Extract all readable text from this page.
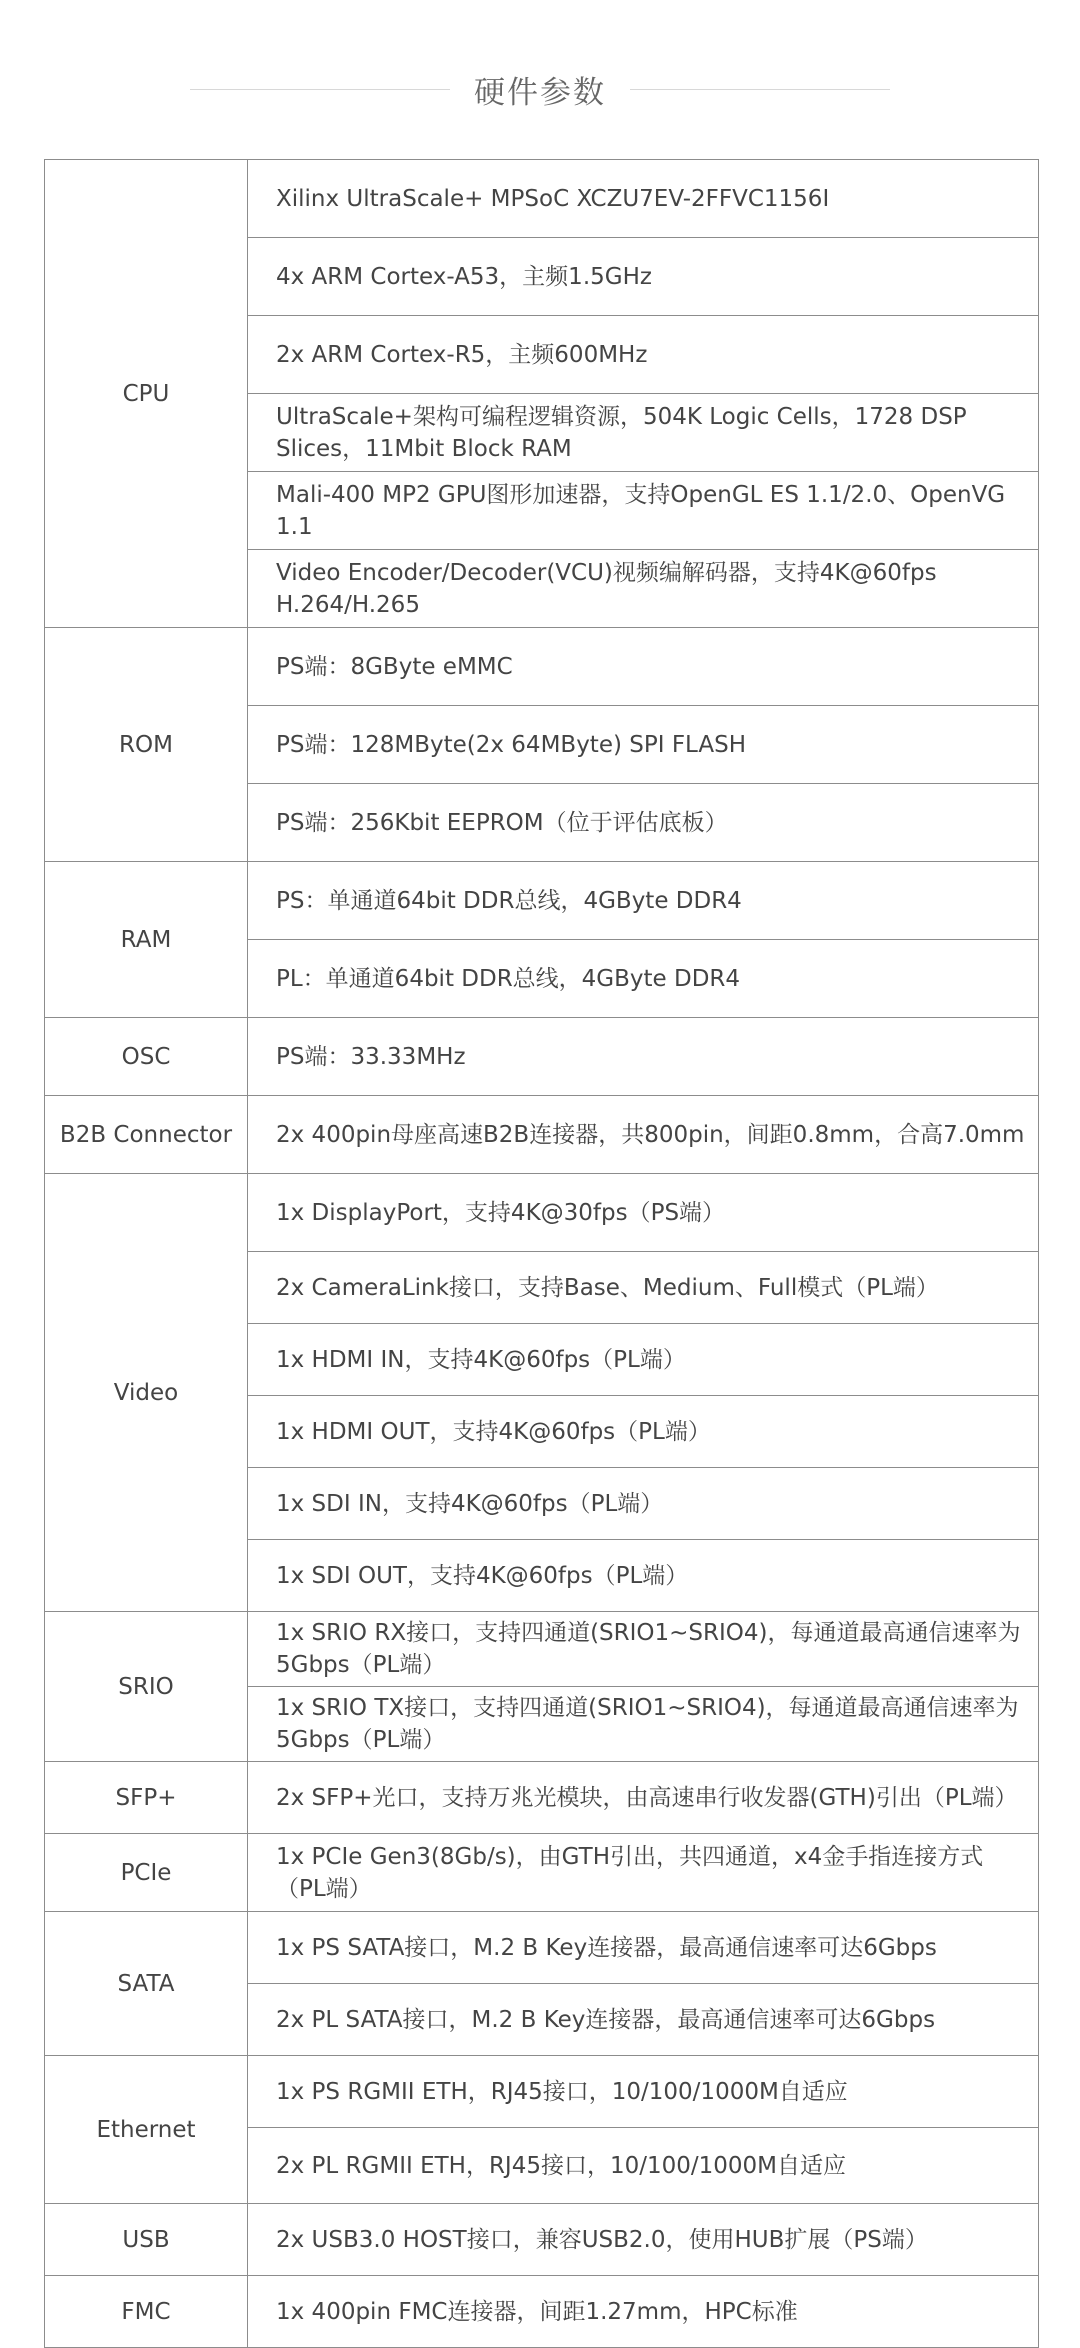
硬件参数
CPU	Xilinx UltraScale+ MPSoC XCZU7EV-2FFVC1156I

	4x ARM Cortex-A53，主频1.5GHz

	2x ARM Cortex-R5，主频600MHz

	UltraScale+架构可编程逻辑资源，504K Logic Cells，1728 DSP Slices，11Mbit Block RAM

	Mali-400 MP2 GPU图形加速器，支持OpenGL ES 1.1/2.0、OpenVG 1.1

	Video Encoder/Decoder(VCU)视频编解码器，支持4K@60fps H.264/H.265

ROM	PS端：8GByte eMMC

	PS端：128MByte(2x 64MByte) SPI FLASH

	PS端：256Kbit EEPROM（位于评估底板）

RAM	PS：单通道64bit DDR总线，4GByte DDR4

	PL：单通道64bit DDR总线，4GByte DDR4

OSC	PS端：33.33MHz

B2B Connector	2x 400pin母座高速B2B连接器，共800pin，间距0.8mm，合高7.0mm

Video	1x DisplayPort，支持4K@30fps（PS端）

	2x CameraLink接口，支持Base、Medium、Full模式（PL端）

	1x HDMI IN，支持4K@60fps（PL端）

	1x HDMI OUT，支持4K@60fps（PL端）

	1x SDI IN，支持4K@60fps（PL端）

	1x SDI OUT，支持4K@60fps（PL端）

SRIO	1x SRIO RX接口，支持四通道(SRIO1~SRIO4)，每通道最高通信速率为5Gbps（PL端）

	1x SRIO TX接口，支持四通道(SRIO1~SRIO4)，每通道最高通信速率为5Gbps（PL端）

SFP+	2x SFP+光口，支持万兆光模块，由高速串行收发器(GTH)引出（PL端）

PCIe	1x PCIe Gen3(8Gb/s)，由GTH引出，共四通道，x4金手指连接方式（PL端）

SATA	1x PS SATA接口，M.2 B Key连接器，最高通信速率可达6Gbps

	2x PL SATA接口，M.2 B Key连接器，最高通信速率可达6Gbps

Ethernet	1x PS RGMII ETH，RJ45接口，10/100/1000M自适应

	2x PL RGMII ETH，RJ45接口，10/100/1000M自适应

USB	2x USB3.0 HOST接口，兼容USB2.0，使用HUB扩展（PS端）

FMC	1x 400pin FMC连接器，间距1.27mm，HPC标准
